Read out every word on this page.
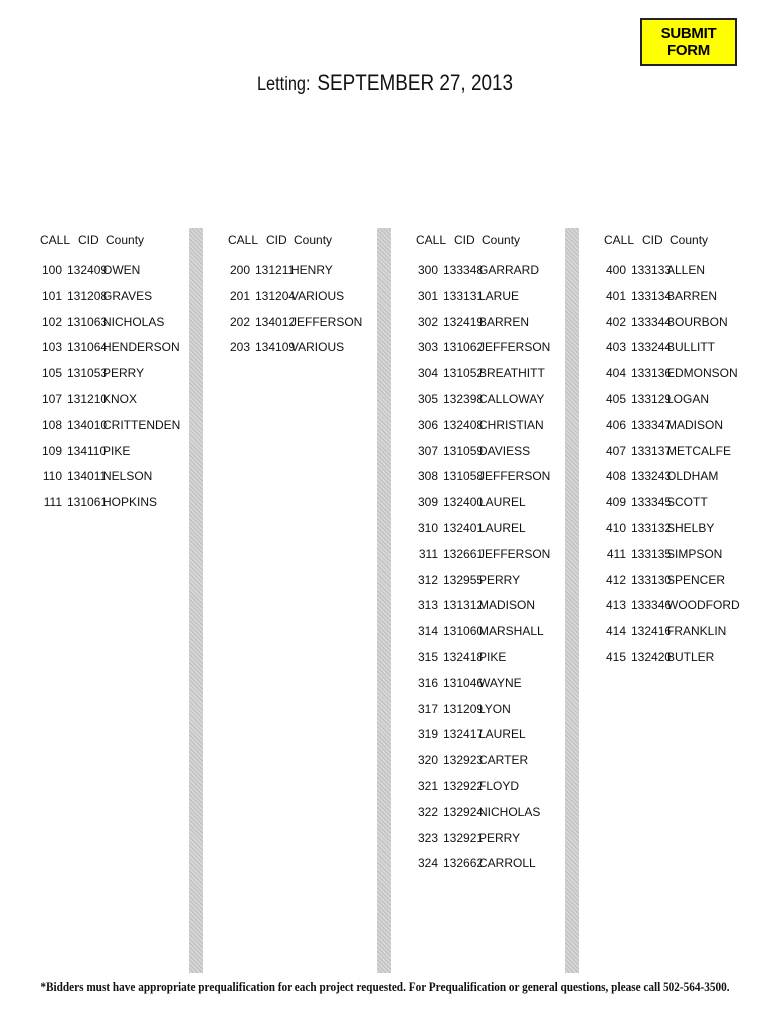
SUBMIT FORM
Letting: SEPTEMBER 27, 2013
CALL CID County
100 132409OWEN
101 131208GRAVES
102 131063NICHOLAS
103 131064HENDERSON
105 131053PERRY
107 131210KNOX
108 134010CRITTENDEN
109 134110PIKE
110 134011NELSON
111 131061HOPKINS
CALL CID County
200 131211HENRY
201 131204VARIOUS
202 134012JEFFERSON
203 134109VARIOUS
CALL CID County
300 133348GARRARD
301 133131LARUE
302 132419BARREN
303 131062JEFFERSON
304 131052BREATHITT
305 132398CALLOWAY
306 132408CHRISTIAN
307 131059DAVIESS
308 131058JEFFERSON
309 132400LAUREL
310 132401LAUREL
311 132661JEFFERSON
312 132955PERRY
313 131312MADISON
314 131060MARSHALL
315 132418PIKE
316 131046WAYNE
317 131209LYON
319 132417LAUREL
320 132923CARTER
321 132922FLOYD
322 132924NICHOLAS
323 132921PERRY
324 132662CARROLL
CALL CID County
400 133133ALLEN
401 133134BARREN
402 133344BOURBON
403 133244BULLITT
404 133136EDMONSON
405 133129LOGAN
406 133347MADISON
407 133137METCALFE
408 133243OLDHAM
409 133345SCOTT
410 133132SHELBY
411 133135SIMPSON
412 133130SPENCER
413 133346WOODFORD
414 132416FRANKLIN
415 132420BUTLER
*Bidders must have appropriate prequalification for each project requested. For Prequalification or general questions, please call 502-564-3500.
